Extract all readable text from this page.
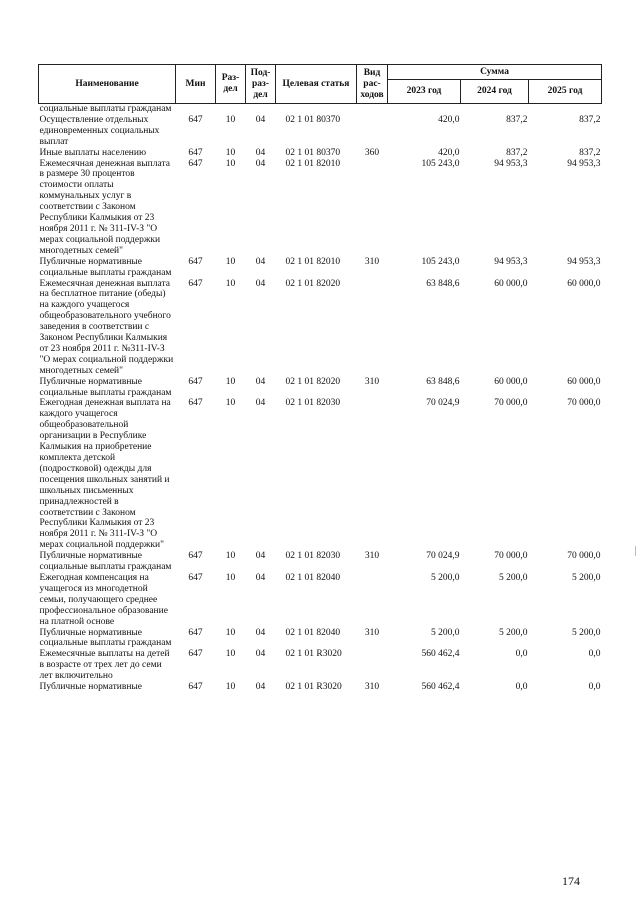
Наименование	Мин	Раз- дел	Под- раз- дел	Целевая статья	Вид рас- ходов	Сумма		
						2023 год	2024 год	2025 год
социальные выплаты гражданам								
Осуществление отдельных единовременных социальных выплат	647	10	04	02 1 01 80370		420,0	837,2	837,2
Иные выплаты населению	647	10	04	02 1 01 80370	360	420,0	837,2	837,2
Ежемесячная денежная выплата в размере 30 процентов стоимости оплаты коммунальных услуг в соответствии с Законом Республики Калмыкия от 23 ноября 2011 г. № 311-IV-З "О мерах социальной поддержки многодетных семей"	647	10	04	02 1 01 82010		105 243,0	94 953,3	94 953,3
Публичные нормативные социальные выплаты гражданам	647	10	04	02 1 01 82010	310	105 243,0	94 953,3	94 953,3
Ежемесячная денежная выплата на бесплатное питание (обеды) на каждого учащегося общеобразовательного учебного заведения в соответствии с Законом Республики Калмыкия от 23 ноября 2011 г. №311-IV-З "О мерах социальной поддержки многодетных семей"	647	10	04	02 1 01 82020		63 848,6	60 000,0	60 000,0
Публичные нормативные социальные выплаты гражданам	647	10	04	02 1 01 82020	310	63 848,6	60 000,0	60 000,0
Ежегодная денежная выплата на каждого учащегося общеобразовательной организации в Республике Калмыкия на приобретение комплекта детской (подростковой) одежды для посещения школьных занятий и школьных письменных принадлежностей в соответствии с Законом Республики Калмыкия от 23 ноября 2011 г. № 311-IV-З "О мерах социальной поддержки"	647	10	04	02 1 01 82030		70 024,9	70 000,0	70 000,0
Публичные нормативные социальные выплаты гражданам	647	10	04	02 1 01 82030	310	70 024,9	70 000,0	70 000,0
Ежегодная компенсация на учащегося из многодетной семьи, получающего среднее профессиональное образование на платной основе	647	10	04	02 1 01 82040		5 200,0	5 200,0	5 200,0
Публичные нормативные социальные выплаты гражданам	647	10	04	02 1 01 82040	310	5 200,0	5 200,0	5 200,0
Ежемесячные выплаты на детей в возрасте от трех лет до семи лет включительно	647	10	04	02 1 01 R3020		560 462,4	0,0	0,0
Публичные нормативные	647	10	04	02 1 01 R3020	310	560 462,4	0,0	0,0
174
